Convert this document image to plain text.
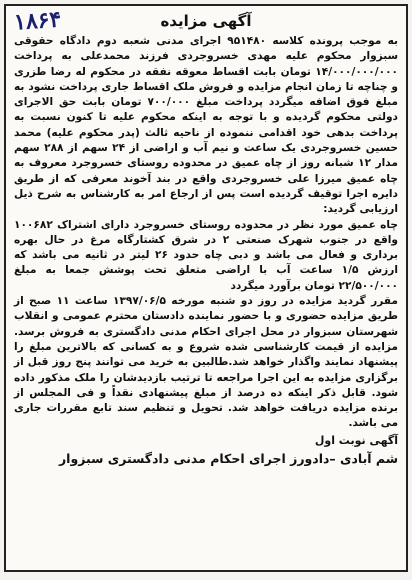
۱۸۶۴	آگهی مزایده

به موجب پرونده کلاسه ۹۵۱۴۸۰ اجرای مدنی شعبه دوم دادگاه حقوقی سبزوار محکوم علیه مهدی خسروجردی فرزند محمدعلی به پرداخت ۱۴/۰۰۰/۰۰۰/۰۰۰ تومان بابت اقساط معوقه نفقه در محکوم له رضا طزری و چناچه تا زمان انجام مزایده و فروش ملک اقساط جاری پرداخت نشود به مبلغ فوق اضافه میگردد پرداخت مبلغ ۷۰۰/۰۰۰ تومان بابت حق الاجرای دولتی محکوم گردیده و با توجه به اینکه محکوم علیه تا کنون نسبت به پرداخت بدهی خود اقدامی ننموده از ناحیه ثالث (پدر محکوم علیه) محمد حسین خسروجردی یک ساعت و نیم آب و اراضی از ۲۴ سهم از ۲۸۸ سهم مدار ۱۲ شبانه روز از چاه عمیق در محدوده روستای خسروجرد معروف به چاه عمیق میرزا علی خسروجردی واقع در بند آخوند معرفی که از طریق دایره اجرا توقیف گردیده است پس از ارجاع امر به کارشناس به شرح ذیل ارزیابی گردید:

چاه عمیق مورد نظر در محدوده روستای خسروجرد دارای اشتراک ۱۰۰۶۸۲ واقع در جنوب شهرک صنعتی ۲ در شرق کشتارگاه مرغ در حال بهره برداری و فعال می باشد و دبی چاه حدود ۲۶ لیتر در ثانیه می باشد که ارزش ۱/۵ ساعت آب با اراضی متعلق تحت پوشش جمعا به مبلغ ۲۲/۵۰۰/۰۰۰ تومان برآورد میگردد

مقرر گردید مزایده در روز دو شنبه مورخه ۱۳۹۷/۰۶/۵ ساعت ۱۱ صبح از طریق مزایده حضوری و با حضور نماینده دادستان محترم عمومی و انقلاب شهرستان سبزوار در محل اجرای احکام مدنی دادگستری به فروش برسد. مزایده از قیمت کارشناسی شده شروع و به کسانی که بالاترین مبلغ را پیشنهاد نمایند واگذار خواهد شد.طالبین به خرید می توانند پنج روز قبل از برگزاری مزایده به این اجرا مراجعه تا ترتیب بازدیدشان را ملک مذکور داده شود. قابل ذکر اینکه ده درصد از مبلغ پیشنهادی نقداً و فی المجلس از برنده مزایده دریافت خواهد شد. تحویل و تنظیم سند تابع مقررات جاری می باشد.

آگهی نوبت اول
شم آبادی –دادورز اجرای احکام مدنی دادگستری سبزوار
